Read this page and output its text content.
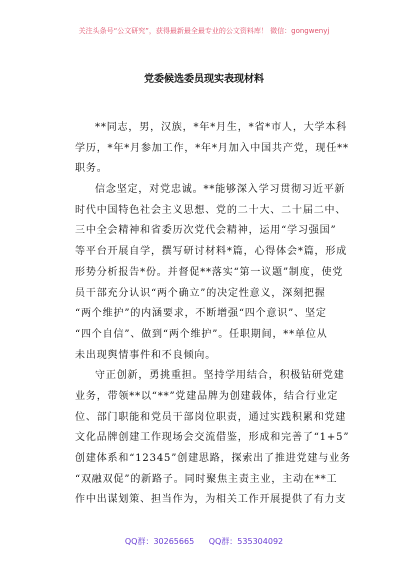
关注头条号“公文研究”，获得最新最全最专业的公文资料库！ 微信：gongwenyj
党委候选委员现实表现材料
**同志，男，汉族，*年*月生，*省*市人，大学本科
学历，*年*月参加工作，*年*月加入中国共产党，现任**
职务。
信念坚定，对党忠诚。**能够深入学习贯彻习近平新
时代中国特色社会主义思想、党的二十大、二十届二中、
三中全会精神和省委历次党代会精神，运用“学习强国”
等平台开展自学，撰写研讨材料*篇，心得体会*篇，形成
形势分析报告*份。并督促**落实“第一议题”制度，使党
员干部充分认识“两个确立”的决定性意义，深刻把握
“两个维护”的内涵要求，不断增强“四个意识”、坚定
“四个自信”、做到“两个维护”。任职期间，**单位从
未出现舆情事件和不良倾向。
守正创新，勇挑重担。坚持学用结合，积极钻研党建
业务，带领**以“**”党建品牌为创建载体，结合行业定
位、部门职能和党员干部岗位职责，通过实践积累和党建
文化品牌创建工作现场会交流借鉴，形成和完善了“1+5”
创建体系和“12345”创建思路，探索出了推进党建与业务
“双融双促”的新路子。同时聚焦主责主业，主动在**工
作中出谋划策、担当作为，为相关工作开展提供了有力支
QQ群：30265665 QQ群：535304092
